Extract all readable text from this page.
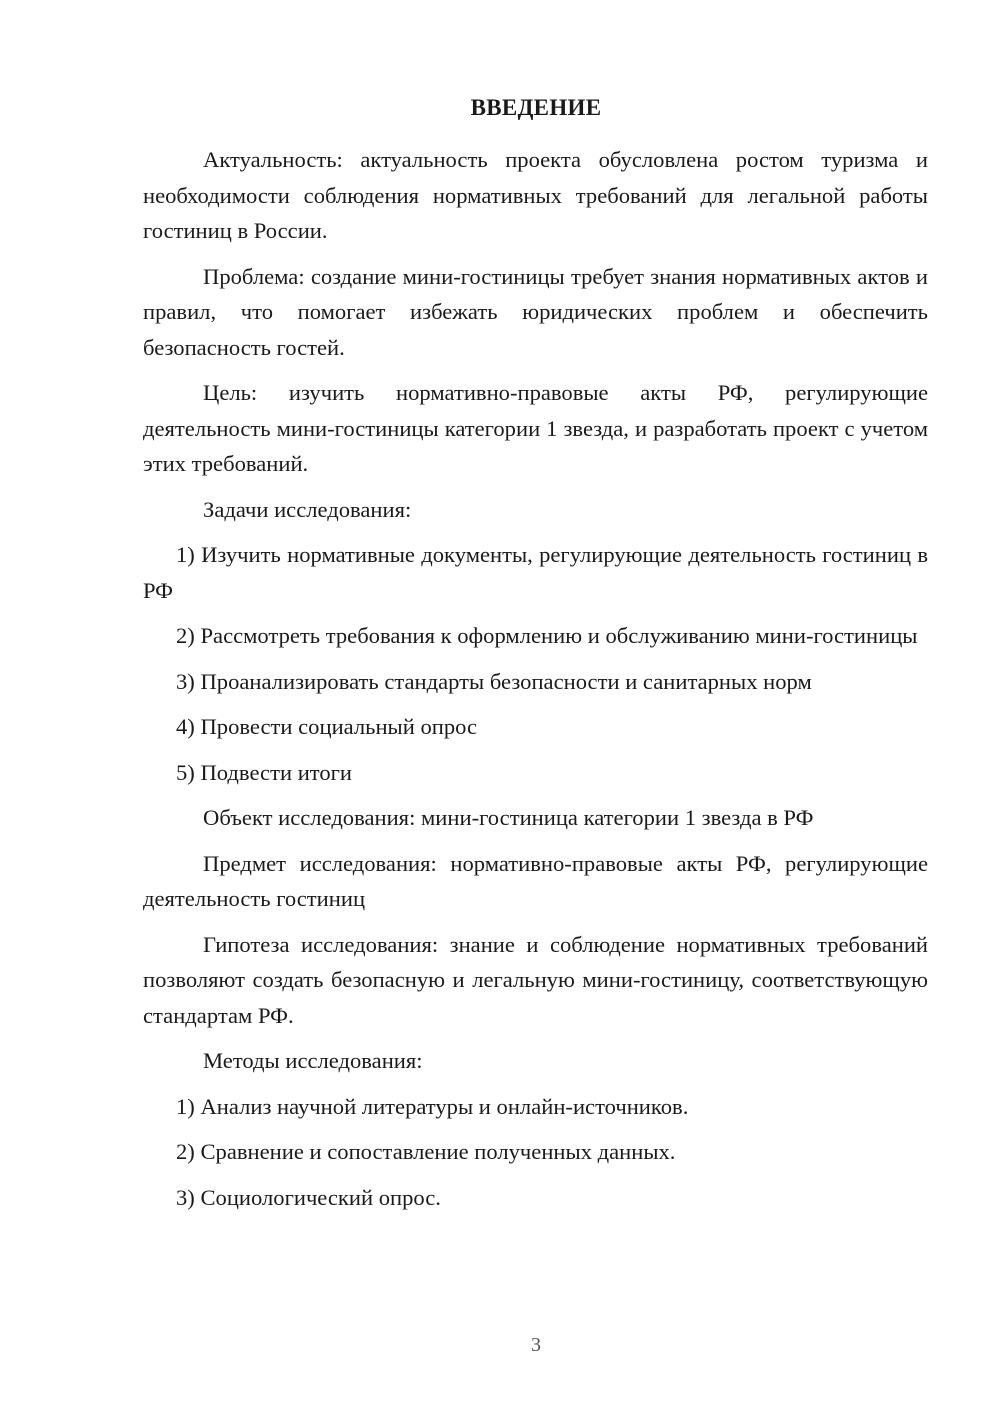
ВВЕДЕНИЕ
Актуальность: актуальность проекта обусловлена ростом туризма и необходимости соблюдения нормативных требований для легальной работы гостиниц в России.
Проблема: создание мини-гостиницы требует знания нормативных актов и правил, что помогает избежать юридических проблем и обеспечить безопасность гостей.
Цель: изучить нормативно-правовые акты РФ, регулирующие деятельность мини-гостиницы категории 1 звезда, и разработать проект с учетом этих требований.
Задачи исследования:
1) Изучить нормативные документы, регулирующие деятельность гостиниц в РФ
2) Рассмотреть требования к оформлению и обслуживанию мини-гостиницы
3) Проанализировать стандарты безопасности и санитарных норм
4) Провести социальный опрос
5) Подвести итоги
Объект исследования: мини-гостиница категории 1 звезда в РФ
Предмет исследования: нормативно-правовые акты РФ, регулирующие деятельность гостиниц
Гипотеза исследования: знание и соблюдение нормативных требований позволяют создать безопасную и легальную мини-гостиницу, соответствующую стандартам РФ.
Методы исследования:
1) Анализ научной литературы и онлайн-источников.
2) Сравнение и сопоставление полученных данных.
3) Социологический опрос.
3
